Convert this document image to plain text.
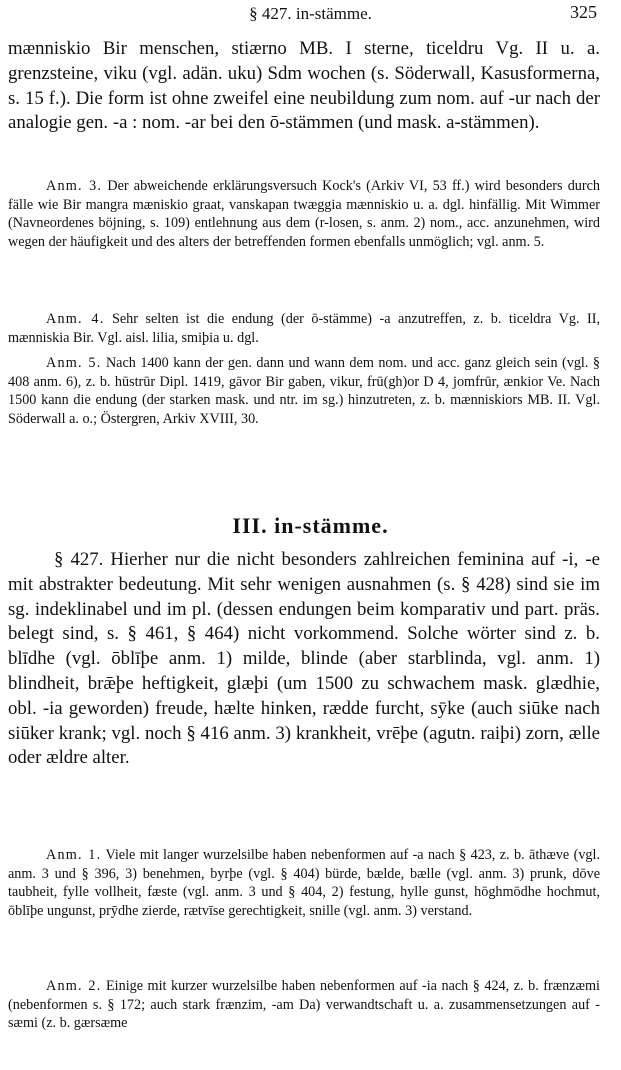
§ 427. in-stämme.	325

mænniskio Bir menschen, stiærno MB. I sterne, ticeldru Vg. II u. a. grenzsteine, viku (vgl. adän. uku) Sdm wochen (s. Söderwall, Kasusformerna, s. 15 f.). Die form ist ohne zweifel eine neubildung zum nom. auf -ur nach der analogie gen. -a : nom. -ar bei den ō-stämmen (und mask. a-stämmen).

Anm. 3. Der abweichende erklärungsversuch Kock's (Arkiv VI, 53 ff.) wird besonders durch fälle wie Bir mangra mæniskio graat, vanskapan twæggia mænniskio u. a. dgl. hinfällig. Mit Wimmer (Navneordenes böjning, s. 109) entlehnung aus dem (r-losen, s. anm. 2) nom., acc. anzunehmen, wird wegen der häufigkeit und des alters der betreffenden formen ebenfalls unmöglich; vgl. anm. 5.

Anm. 4. Sehr selten ist die endung (der ō-stämme) -a anzutreffen, z. b. ticeldra Vg. II, mænniskia Bir. Vgl. aisl. lilia, smiþia u. dgl.

Anm. 5. Nach 1400 kann der gen. dann und wann dem nom. und acc. ganz gleich sein (vgl. § 408 anm. 6), z. b. hūstrūr Dipl. 1419, gāvor Bir gaben, vikur, frū(gh)or D 4, jomfrūr, ænkior Ve. Nach 1500 kann die endung (der starken mask. und ntr. im sg.) hinzutreten, z. b. mænniskiors MB. II. Vgl. Söderwall a. o.; Östergren, Arkiv XVIII, 30.

III. in-stämme.

§ 427. Hierher nur die nicht besonders zahlreichen feminina auf -i, -e mit abstrakter bedeutung. Mit sehr wenigen ausnahmen (s. § 428) sind sie im sg. indeklinabel und im pl. (dessen endungen beim komparativ und part. präs. belegt sind, s. § 461, § 464) nicht vorkommend. Solche wörter sind z. b. blīdhe (vgl. ōblīþe anm. 1) milde, blinde (aber starblinda, vgl. anm. 1) blindheit, brǣþe heftigkeit, glæþi (um 1500 zu schwachem mask. glædhie, obl. -ia geworden) freude, hælte hinken, rædde furcht, sȳke (auch siūke nach siūker krank; vgl. noch § 416 anm. 3) krankheit, vrēþe (agutn. raiþi) zorn, ælle oder ældre alter.

Anm. 1. Viele mit langer wurzelsilbe haben nebenformen auf -a nach § 423, z. b. āthæve (vgl. anm. 3 und § 396, 3) benehmen, byrþe (vgl. § 404) bürde, bælde, bælle (vgl. anm. 3) prunk, dōve taubheit, fylle vollheit, fæste (vgl. anm. 3 und § 404, 2) festung, hylle gunst, hōghmōdhe hochmut, ōblīþe ungunst, prȳdhe zierde, rætvīse gerechtigkeit, snille (vgl. anm. 3) verstand.

Anm. 2. Einige mit kurzer wurzelsilbe haben nebenformen auf -ia nach § 424, z. b. frænzæmi (nebenformen s. § 172; auch stark frænzim, -am Da) verwandtschaft u. a. zusammensetzungen auf -sæmi (z. b. gærsæme
